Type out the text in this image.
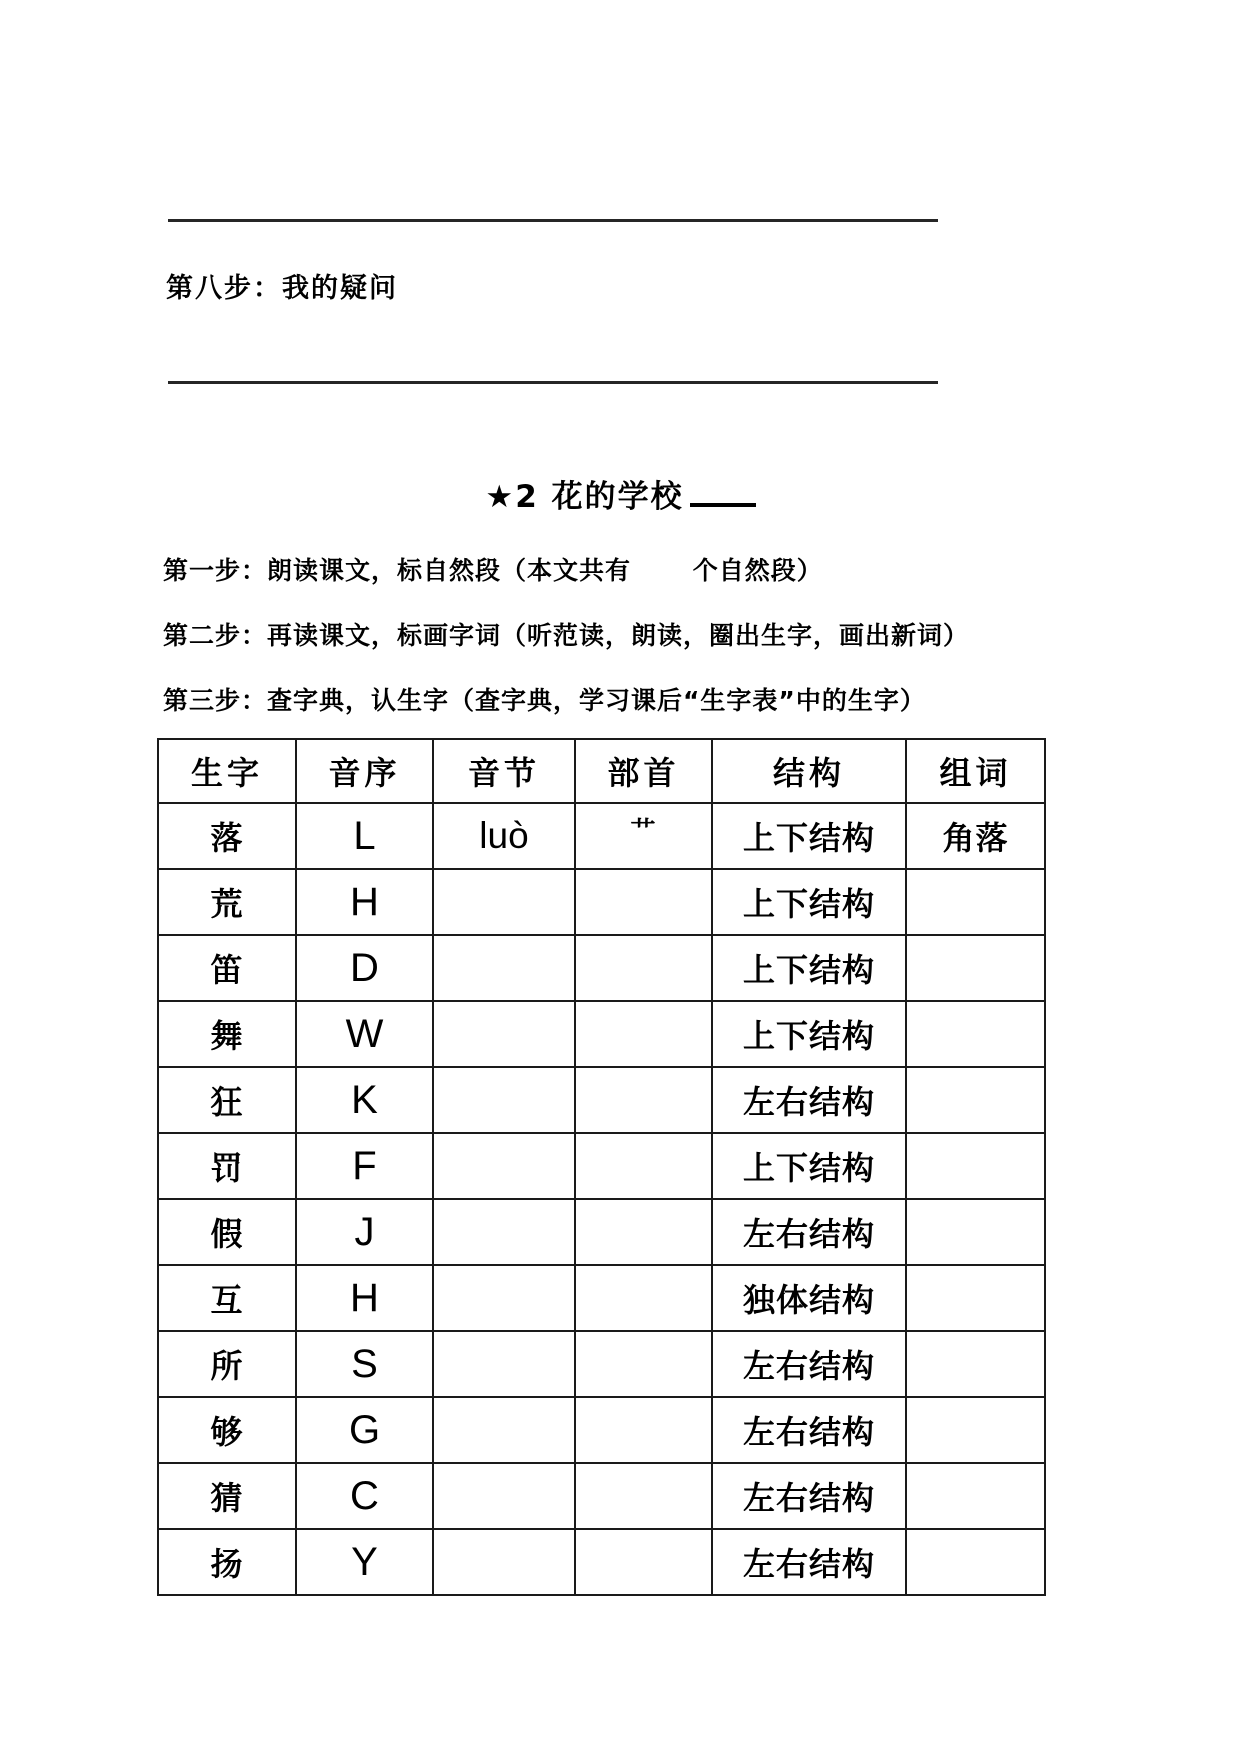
第八步：我的疑问
★2 花的学校
第一步：朗读课文，标自然段（本文共有　　 个自然段）
第二步：再读课文，标画字词（听范读，朗读，圈出生字，画出新词）
第三步：查字典，认生字（查字典，学习课后“生字表”中的生字）
生字	音序	音节	部首	结构	组词
落	L	luò	艹	上下结构	角落
荒	H			上下结构	
笛	D			上下结构	
舞	W			上下结构	
狂	K			左右结构	
罚	F			上下结构	
假	J			左右结构	
互	H			独体结构	
所	S			左右结构	
够	G			左右结构	
猜	C			左右结构	
扬	Y			左右结构	
